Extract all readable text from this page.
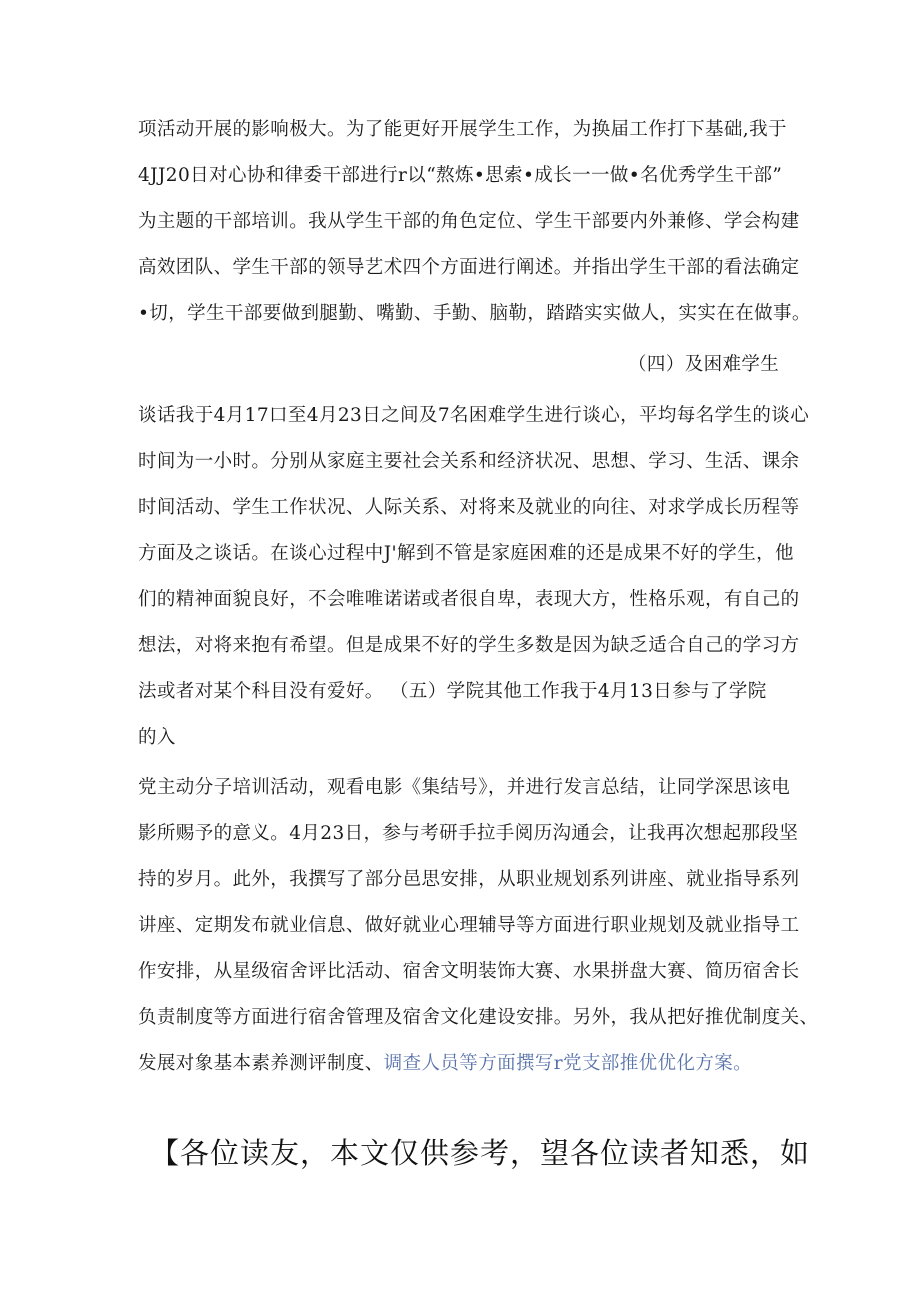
项活动开展的影响极大。为了能更好开展学生工作，为换届工作打下基础,我于
4JJ20日对心协和律委干部进行r以“熬炼•思索•成长一一做•名优秀学生干部”
为主题的干部培训。我从学生干部的角色定位、学生干部要内外兼修、学会构建
高效团队、学生干部的领导艺术四个方面进行阐述。并指出学生干部的看法确定
•切，学生干部要做到腿勤、嘴勤、手勤、脑勒，踏踏实实做人，实实在在做事。
（四）及困难学生
谈话我于4月17口至4月23日之间及7名困难学生进行谈心，平均每名学生的谈心
时间为一小时。分别从家庭主要社会关系和经济状况、思想、学习、生活、课余
时间活动、学生工作状况、人际关系、对将来及就业的向往、对求学成长历程等
方面及之谈话。在谈心过程中J'解到不管是家庭困难的还是成果不好的学生，他
们的精神面貌良好，不会唯唯诺诺或者很自卑，表现大方，性格乐观，有自己的
想法，对将来抱有希望。但是成果不好的学生多数是因为缺乏适合自己的学习方
法或者对某个科目没有爱好。 （五）学院其他工作我于4月13日参与了学院
的入
党主动分子培训活动，观看电影《集结号》，并进行发言总结，让同学深思该电
影所赐予的意义。4月23日，参与考研手拉手阅历沟通会，让我再次想起那段坚
持的岁月。此外，我撰写了部分邑思安排，从职业规划系列讲座、就业指导系列
讲座、定期发布就业信息、做好就业心理辅导等方面进行职业规划及就业指导工
作安排，从星级宿舍评比活动、宿舍文明装饰大赛、水果拼盘大赛、简历宿舍长
负责制度等方面进行宿舍管理及宿舍文化建设安排。另外，我从把好推优制度关、
发展对象基本素养测评制度、调查人员等方面撰写r党支部推优优化方案。
【各位读友，本文仅供参考，望各位读者知悉，如
